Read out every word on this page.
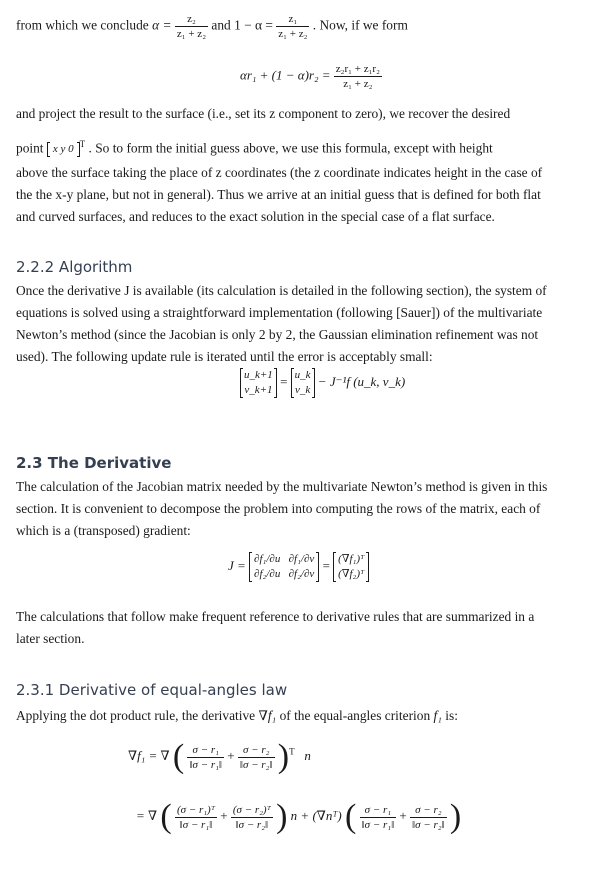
from which we conclude $\alpha = \frac{\text{z₂}}{\text{z₁ + z₂}}$ and $1 - \alpha = \frac{\text{z₁}}{\text{z₁ + z₂}}$ . Now, if we form
$\alpha r_1 + (1 - \alpha)r_2 = \frac{\text{z₂r₁ + z₁r₂}}{\text{z₁ + z₂}}$
and project the result to the surface (i.e., set its z component to zero), we recover the desired
point x y 0 $^T$ . So to form the initial guess above, we use this formula, except with height
above the surface taking the place of z coordinates (the z coordinate indicates height in the case of
the the x-y plane, but not in general). Thus we arrive at an initial guess that is defined for both flat
and curved surfaces, and reduces to the exact solution in the special case of a flat surface.
2.2.2 Algorithm
Once the derivative J is available (its calculation is detailed in the following section), the system of
equations is solved using a straightforward implementation (following [Sauer]) of the multivariate
Newton’s method (since the Jacobian is only 2 by 2, the Gaussian elimination refinement was not
used). The following update rule is iterated until the error is acceptably small:
u_k+1
v_k+1 = u_k
v_k − J⁻¹f (u_k, v_k)
2.3 The Derivative
The calculation of the Jacobian matrix needed by the multivariate Newton’s method is given in this
section. It is convenient to decompose the problem into computing the rows of the matrix, each of
which is a (transposed) gradient:
J = ∂f₁/∂u ∂f₁/∂v
∂f₂/∂u ∂f₂/∂v = (∇f₁)ᵀ
(∇f₂)ᵀ
The calculations that follow make frequent reference to derivative rules that are summarized in a
later section.
2.3.1 Derivative of equal-angles law
Applying the dot product rule, the derivative ∇f₁ of the equal-angles criterion f₁ is:
∇f₁ = ∇ ( $\frac{\text{σ − r₁}}{\text{‖σ − r₁‖}} + \frac{\text{σ − r₂}}{\text{‖σ − r₂‖}} )^T$ n
= ∇ ( $\frac{\text{(σ − r₁)ᵀ}}{\text{‖σ − r₁‖}} + \frac{\text{(σ − r₂)ᵀ}}{\text{‖σ − r₂‖}}$ ) n + (∇nᵀ) ( $\frac{\text{σ − r₁}}{\text{‖σ − r₁‖}} + \frac{\text{σ − r₂}}{\text{‖σ − r₂‖}}$ )
